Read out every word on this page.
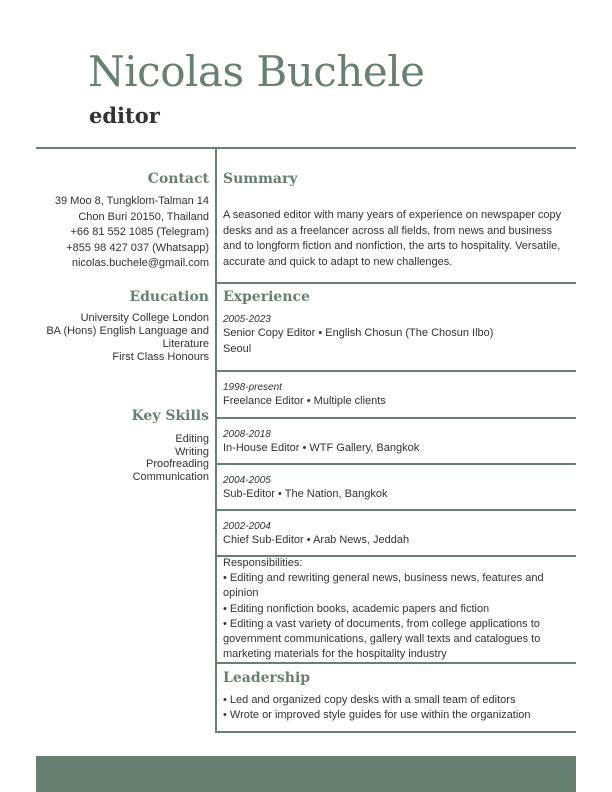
Nicolas Buchele
editor
Contact
39 Moo 8, Tungklom-Talman 14
Chon Buri 20150, Thailand
+66 81 552 1085 (Telegram)
+855 98 427 037 (Whatsapp)
nicolas.buchele@gmail.com
Education
University College London
BA (Hons) English Language and
Literature
First Class Honours
Key Skills
Editing
Writing
Proofreading
Communication
Summary
A seasoned editor with many years of experience on newspaper copy desks and as a freelancer across all fields, from news and business and to longform fiction and nonfiction, the arts to hospitality. Versatile, accurate and quick to adapt to new challenges.
Experience
2005-2023
Senior Copy Editor • English Chosun (The Chosun Ilbo)
Seoul
1998-present
Freelance Editor • Multiple clients
2008-2018
In-House Editor • WTF Gallery, Bangkok
2004-2005
Sub-Editor • The Nation, Bangkok
2002-2004
Chief Sub-Editor • Arab News, Jeddah
Responsibilities:
• Editing and rewriting general news, business news, features and opinion
• Editing nonfiction books, academic papers and fiction
• Editing a vast variety of documents, from college applications to government communications, gallery wall texts and catalogues to marketing materials for the hospitality industry
Leadership
• Led and organized copy desks with a small team of editors
• Wrote or improved style guides for use within the organization
